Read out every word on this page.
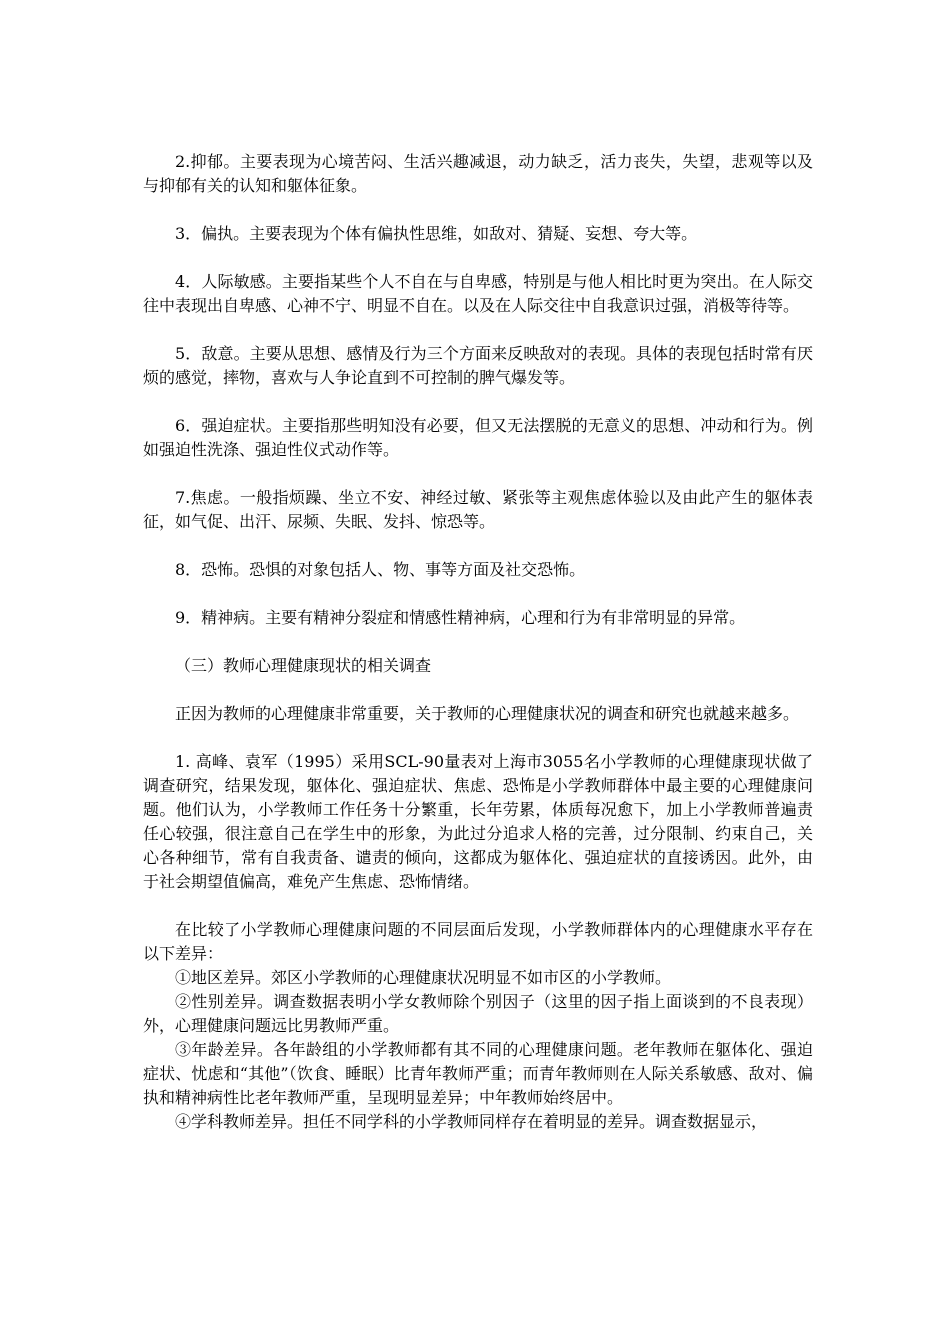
2.抑郁。主要表现为心境苦闷、生活兴趣减退，动力缺乏，活力丧失，失望，悲观等以及与抑郁有关的认知和躯体征象。

3．偏执。主要表现为个体有偏执性思维，如敌对、猜疑、妄想、夸大等。

4．人际敏感。主要指某些个人不自在与自卑感，特别是与他人相比时更为突出。在人际交往中表现出自卑感、心神不宁、明显不自在。以及在人际交往中自我意识过强，消极等待等。

5．敌意。主要从思想、感情及行为三个方面来反映敌对的表现。具体的表现包括时常有厌烦的感觉，摔物，喜欢与人争论直到不可控制的脾气爆发等。

6．强迫症状。主要指那些明知没有必要，但又无法摆脱的无意义的思想、冲动和行为。例如强迫性洗涤、强迫性仪式动作等。

7.焦虑。一般指烦躁、坐立不安、神经过敏、紧张等主观焦虑体验以及由此产生的躯体表征，如气促、出汗、尿频、失眠、发抖、惊恐等。

8．恐怖。恐惧的对象包括人、物、事等方面及社交恐怖。

9．精神病。主要有精神分裂症和情感性精神病，心理和行为有非常明显的异常。

（三）教师心理健康现状的相关调查

正因为教师的心理健康非常重要，关于教师的心理健康状况的调查和研究也就越来越多。

1. 高峰、袁军（1995）采用SCL-90量表对上海市3055名小学教师的心理健康现状做了调查研究，结果发现，躯体化、强迫症状、焦虑、恐怖是小学教师群体中最主要的心理健康问题。他们认为，小学教师工作任务十分繁重，长年劳累，体质每况愈下，加上小学教师普遍责任心较强，很注意自己在学生中的形象，为此过分追求人格的完善，过分限制、约束自己，关心各种细节，常有自我责备、谴责的倾向，这都成为躯体化、强迫症状的直接诱因。此外，由于社会期望值偏高，难免产生焦虑、恐怖情绪。

在比较了小学教师心理健康问题的不同层面后发现，小学教师群体内的心理健康水平存在以下差异：

①地区差异。郊区小学教师的心理健康状况明显不如市区的小学教师。

②性别差异。调查数据表明小学女教师除个别因子（这里的因子指上面谈到的不良表现）外，心理健康问题远比男教师严重。

③年龄差异。各年龄组的小学教师都有其不同的心理健康问题。老年教师在躯体化、强迫症状、忧虑和“其他”（饮食、睡眠）比青年教师严重；而青年教师则在人际关系敏感、敌对、偏执和精神病性比老年教师严重，呈现明显差异；中年教师始终居中。

④学科教师差异。担任不同学科的小学教师同样存在着明显的差异。调查数据显示，
